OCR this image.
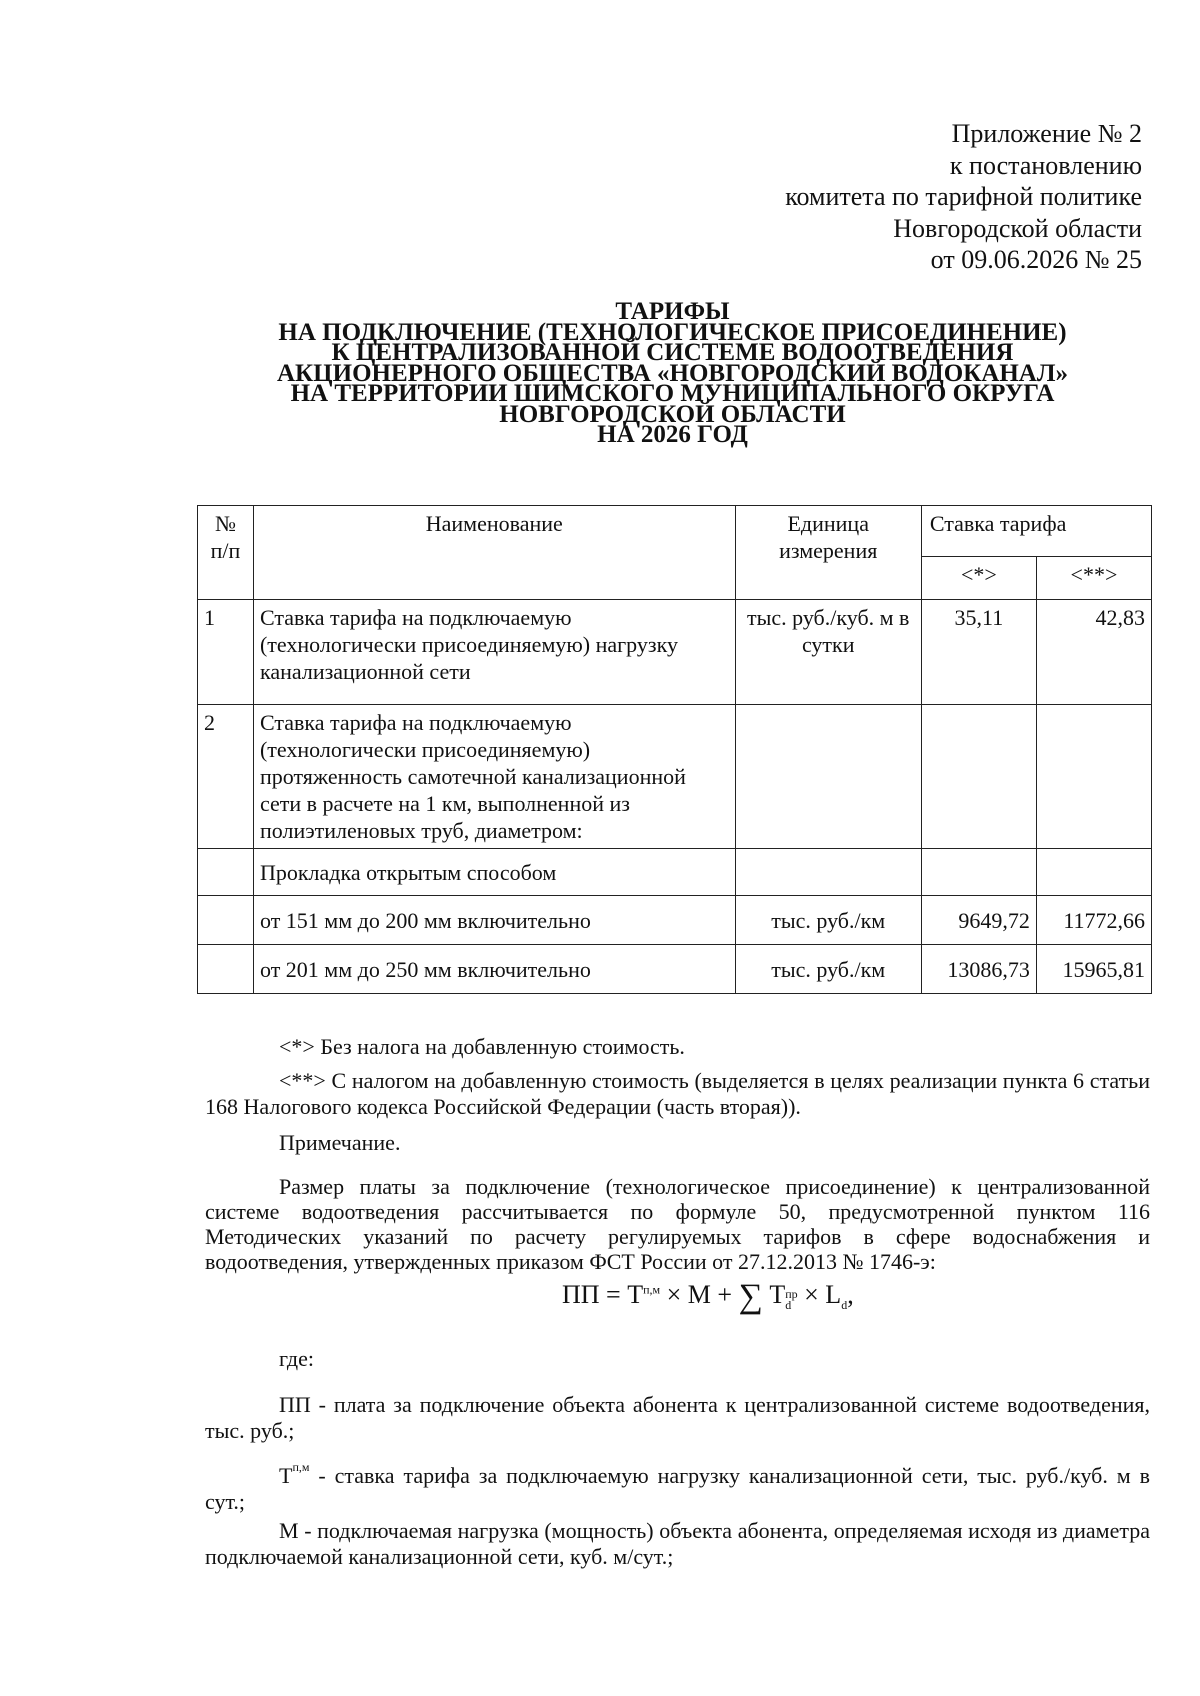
Приложение № 2
к постановлению
комитета по тарифной политике
Новгородской области
от 09.06.2026 № 25
ТАРИФЫ
НА ПОДКЛЮЧЕНИЕ (ТЕХНОЛОГИЧЕСКОЕ ПРИСОЕДИНЕНИЕ)
К ЦЕНТРАЛИЗОВАННОЙ СИСТЕМЕ ВОДООТВЕДЕНИЯ
АКЦИОНЕРНОГО ОБЩЕСТВА «НОВГОРОДСКИЙ ВОДОКАНАЛ»
НА ТЕРРИТОРИИ ШИМСКОГО МУНИЦИПАЛЬНОГО ОКРУГА
НОВГОРОДСКОЙ ОБЛАСТИ
НА 2026 ГОД
№ п/п	Наименование	Единица измерения	Ставка тарифа	
			<*>	<**>
1	Ставка тарифа на подключаемую (технологически присоединяемую) нагрузку канализационной сети	тыс. руб./куб. м в сутки	35,11	42,83
2	Ставка тарифа на подключаемую (технологически присоединяемую) протяженность самотечной канализационной сети в расчете на 1 км, выполненной из полиэтиленовых труб, диаметром:			
	Прокладка открытым способом			
	от 151 мм до 200 мм включительно	тыс. руб./км	9649,72	11772,66
	от 201 мм до 250 мм включительно	тыс. руб./км	13086,73	15965,81
<*> Без налога на добавленную стоимость.
<**> С налогом на добавленную стоимость (выделяется в целях реализации пункта 6 статьи 168 Налогового кодекса Российской Федерации (часть вторая)).
Примечание.
Размер платы за подключение (технологическое присоединение) к централизованной системе водоотведения рассчитывается по формуле 50, предусмотренной пунктом 116 Методических указаний по расчету регулируемых тарифов в сфере водоснабжения и водоотведения, утвержденных приказом ФСТ России от 27.12.2013 № 1746-э:
ПП = $Т^{п,м} \times М$ + ∑ Тпр
$d \times L_d$,
где:
ПП - плата за подключение объекта абонента к централизованной системе водоотведения, тыс. руб.;
$Т^{п,м}$ - ставка тарифа за подключаемую нагрузку канализационной сети, тыс. руб./куб. м в сут.;
М - подключаемая нагрузка (мощность) объекта абонента, определяемая исходя из диаметра подключаемой канализационной сети, куб. м/сут.;
